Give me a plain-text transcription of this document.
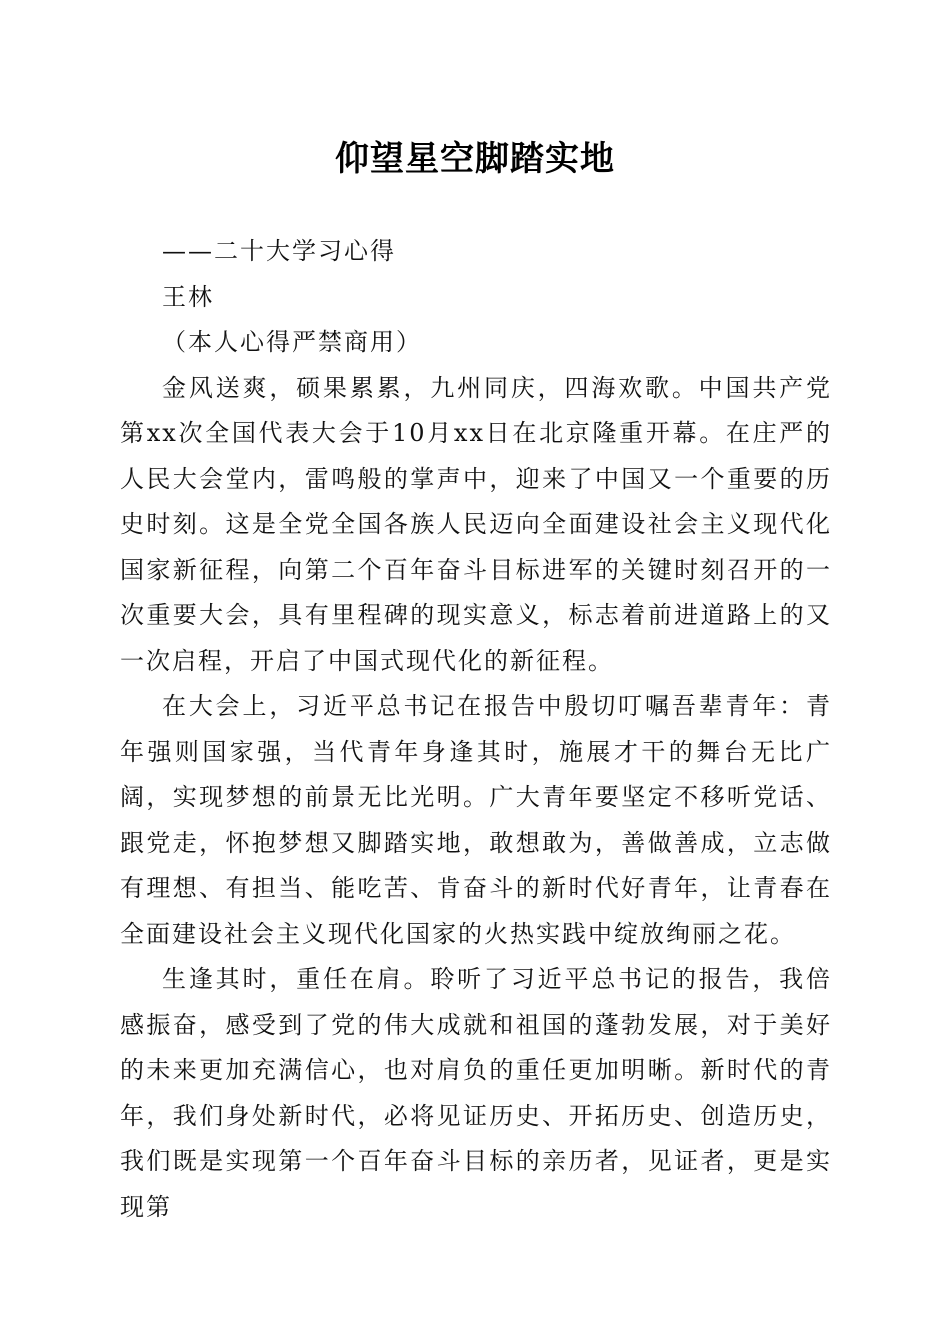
仰望星空脚踏实地
——二十大学习心得
王林
（本人心得严禁商用）

金风送爽，硕果累累，九州同庆，四海欢歌。中国共产党第xx次全国代表大会于10月xx日在北京隆重开幕。在庄严的人民大会堂内，雷鸣般的掌声中，迎来了中国又一个重要的历史时刻。这是全党全国各族人民迈向全面建设社会主义现代化国家新征程，向第二个百年奋斗目标进军的关键时刻召开的一次重要大会，具有里程碑的现实意义，标志着前进道路上的又一次启程，开启了中国式现代化的新征程。

在大会上，习近平总书记在报告中殷切叮嘱吾辈青年：青年强则国家强，当代青年身逢其时，施展才干的舞台无比广阔，实现梦想的前景无比光明。广大青年要坚定不移听党话、跟党走，怀抱梦想又脚踏实地，敢想敢为，善做善成，立志做有理想、有担当、能吃苦、肯奋斗的新时代好青年，让青春在全面建设社会主义现代化国家的火热实践中绽放绚丽之花。

生逢其时，重任在肩。聆听了习近平总书记的报告，我倍感振奋，感受到了党的伟大成就和祖国的蓬勃发展，对于美好的未来更加充满信心，也对肩负的重任更加明晰。新时代的青年，我们身处新时代，必将见证历史、开拓历史、创造历史，我们既是实现第一个百年奋斗目标的亲历者，见证者，更是实现第
